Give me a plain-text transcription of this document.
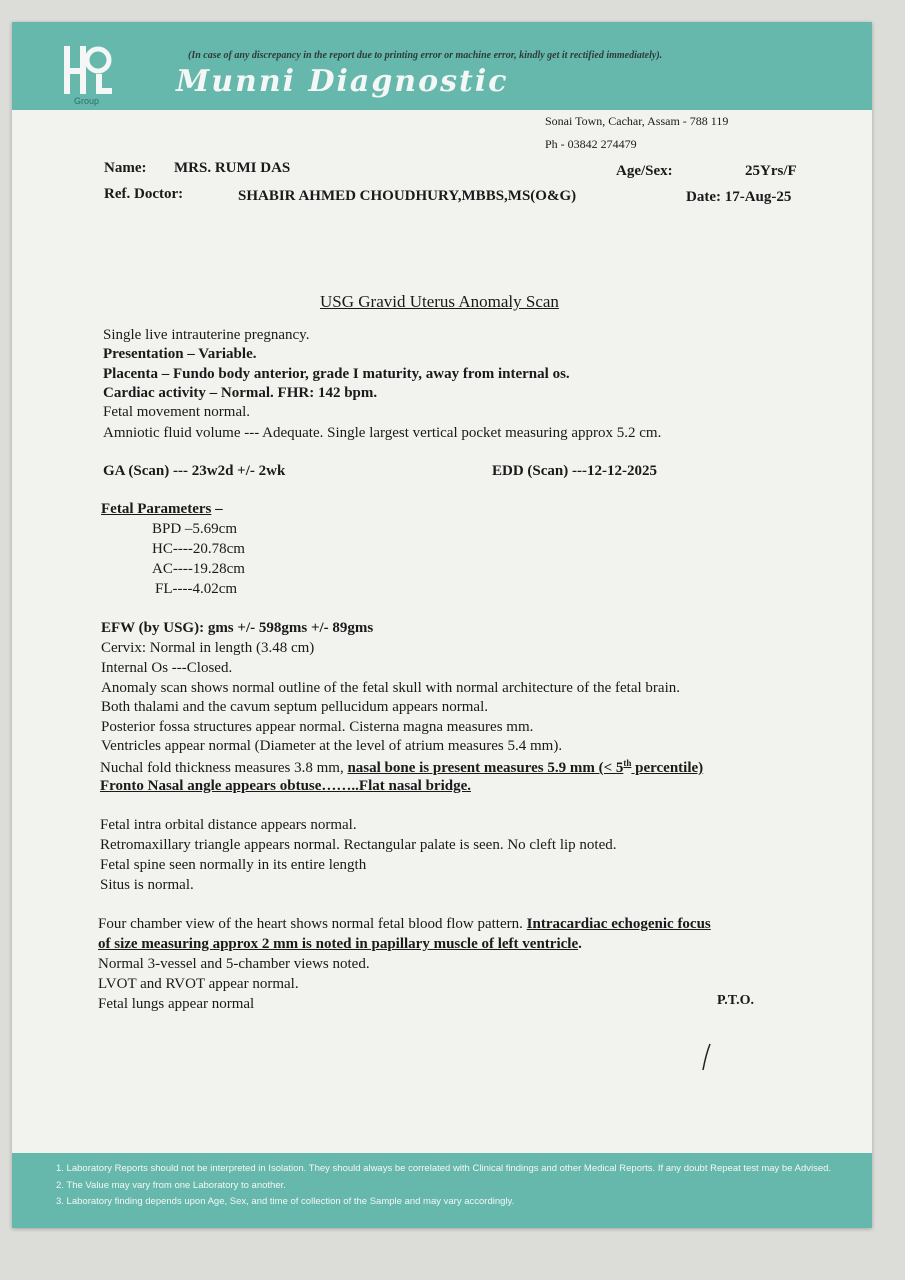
Group
(In case of any discrepancy in the report due to printing error or machine error, kindly get it rectified immediately).
Munni Diagnostic
Sonai Town, Cachar, Assam - 788 119
Ph - 03842 274479
Name: MRS. RUMI DAS	Age/Sex:	25Yrs/F
Ref. Doctor:	SHABIR AHMED CHOUDHURY,MBBS,MS(O&G)	Date: 17-Aug-25
USG Gravid Uterus Anomaly Scan
Single live intrauterine pregnancy.
Presentation – Variable.
Placenta – Fundo body anterior, grade I maturity, away from internal os.
Cardiac activity – Normal. FHR: 142 bpm.
Fetal movement normal.
Amniotic fluid volume --- Adequate. Single largest vertical pocket measuring approx 5.2 cm.
GA (Scan) --- 23w2d +/- 2wk	EDD (Scan) ---12-12-2025
Fetal Parameters –
BPD –5.69cm
HC----20.78cm
AC----19.28cm
FL----4.02cm
EFW (by USG): gms +/- 598gms +/- 89gms
Cervix: Normal in length (3.48 cm)
Internal Os ---Closed.
Anomaly scan shows normal outline of the fetal skull with normal architecture of the fetal brain.
Both thalami and the cavum septum pellucidum appears normal.
Posterior fossa structures appear normal. Cisterna magna measures mm.
Ventricles appear normal (Diameter at the level of atrium measures 5.4 mm).
Nuchal fold thickness measures 3.8 mm, nasal bone is present measures 5.9 mm (< 5th percentile)
Fronto Nasal angle appears obtuse……..Flat nasal bridge.
Fetal intra orbital distance appears normal.
Retromaxillary triangle appears normal. Rectangular palate is seen. No cleft lip noted.
Fetal spine seen normally in its entire length
Situs is normal.
Four chamber view of the heart shows normal fetal blood flow pattern. Intracardiac echogenic focus
of size measuring approx 2 mm is noted in papillary muscle of left ventricle.
Normal 3-vessel and 5-chamber views noted.
LVOT and RVOT appear normal.
Fetal lungs appear normal	P.T.O.
1. Laboratory Reports should not be interpreted in Isolation. They should always be correlated with Clinical findings and other Medical Reports. If any doubt Repeat test may be Advised.
2. The Value may vary from one Laboratory to another.
3. Laboratory finding depends upon Age, Sex, and time of collection of the Sample and may vary accordingly.
